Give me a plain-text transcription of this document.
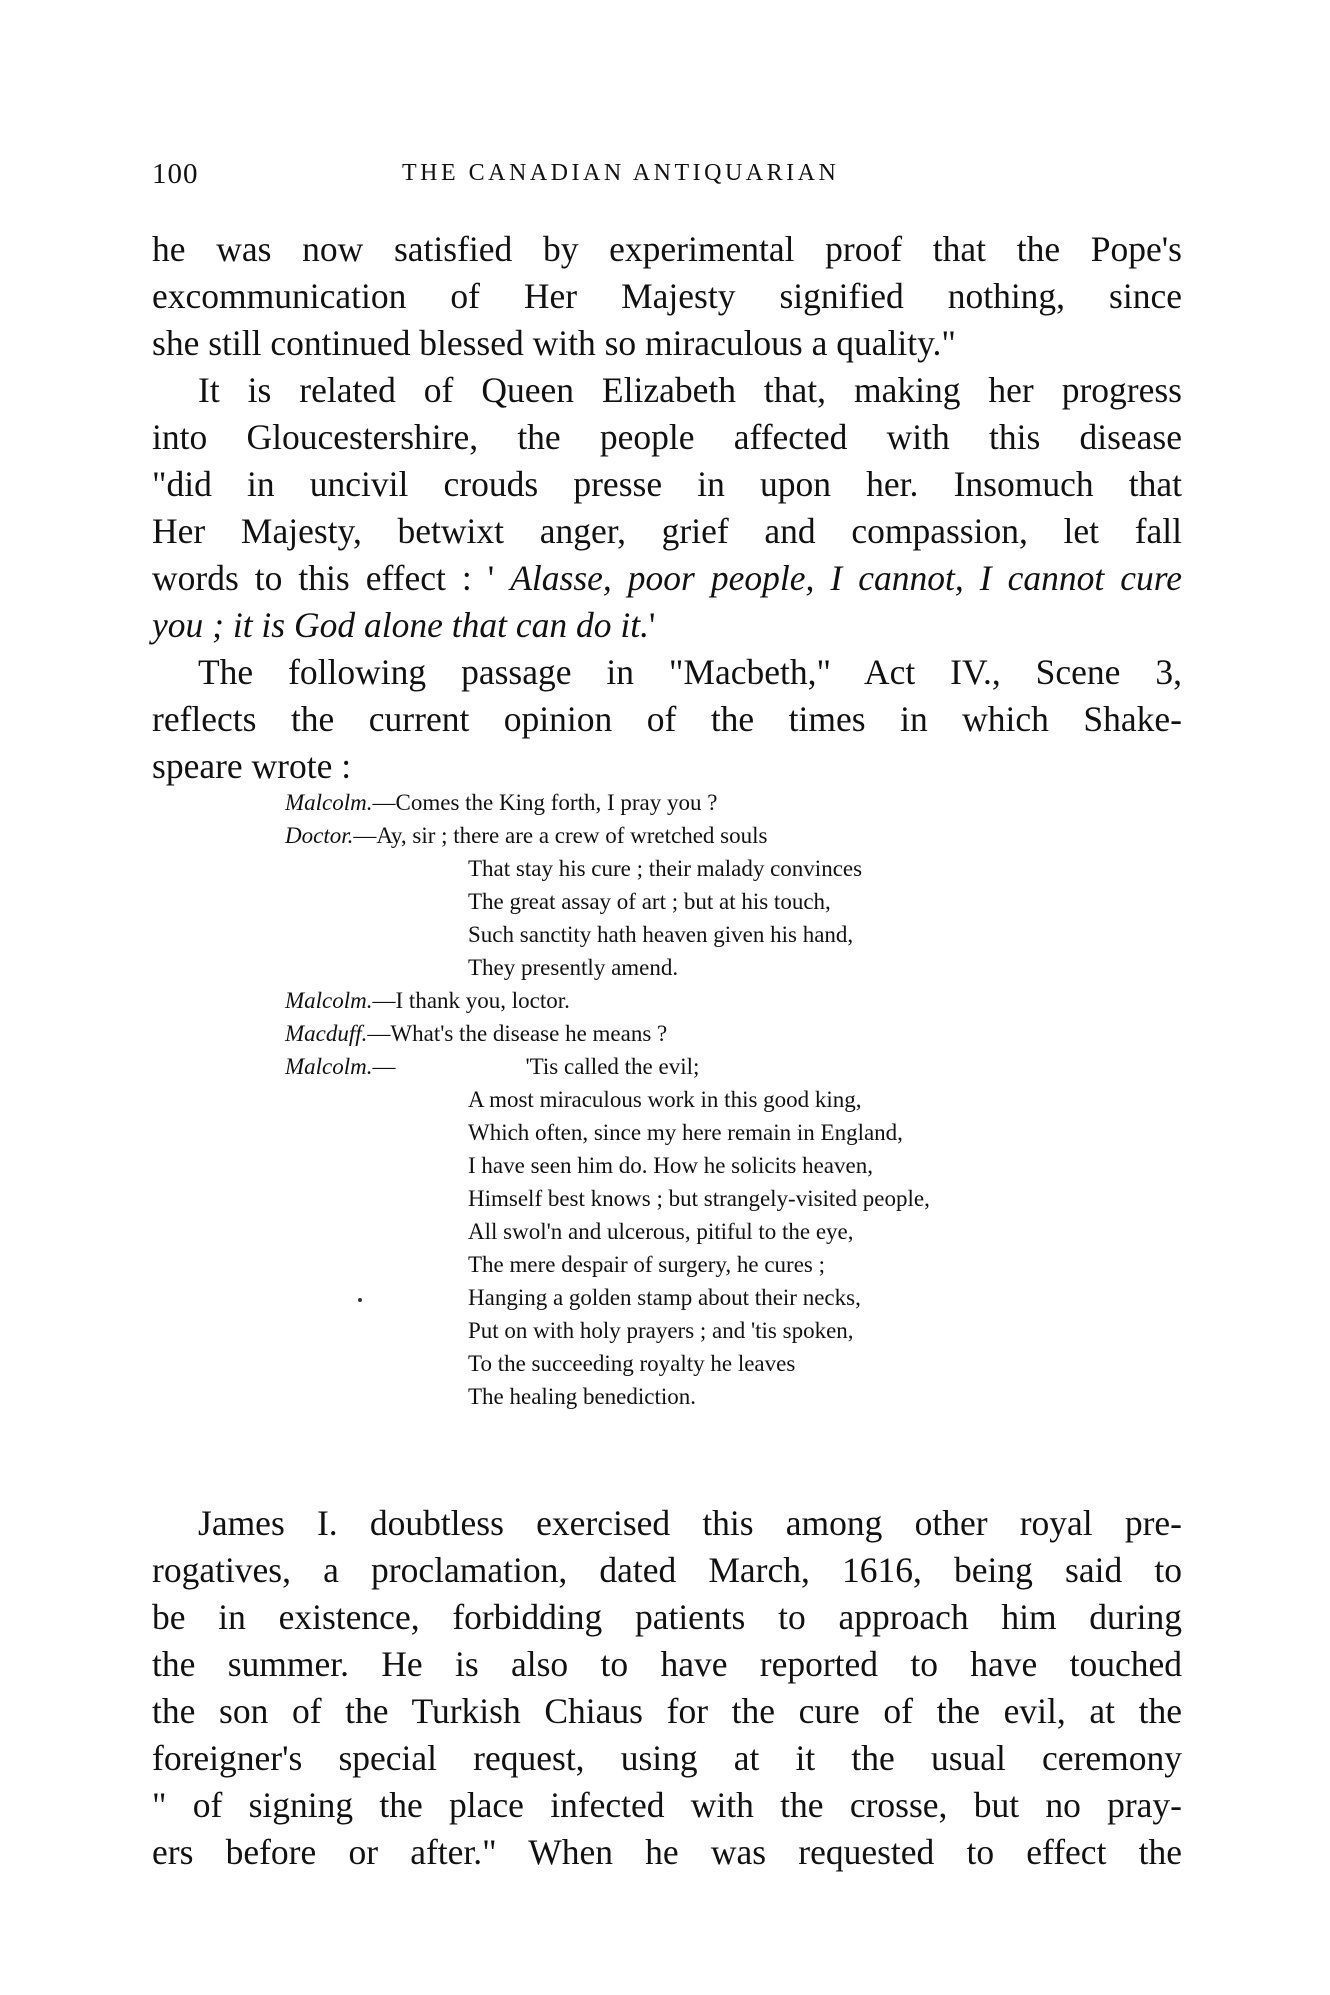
100	THE CANADIAN ANTIQUARIAN
he was now satisfied by experimental proof that the Pope's
excommunication of Her Majesty signified nothing, since
she still continued blessed with so miraculous a quality."
It is related of Queen Elizabeth that, making her progress
into Gloucestershire, the people affected with this disease
"did in uncivil crouds presse in upon her. Insomuch that
Her Majesty, betwixt anger, grief and compassion, let fall
words to this effect : ' Alasse, poor people, I cannot, I cannot cure
you ; it is God alone that can do it.'
The following passage in "Macbeth," Act IV., Scene 3,
reflects the current opinion of the times in which Shake-
speare wrote :
Malcolm.—Comes the King forth, I pray you ?
Doctor.—Ay, sir ; there are a crew of wretched souls
That stay his cure ; their malady convinces
The great assay of art ; but at his touch,
Such sanctity hath heaven given his hand,
They presently amend.
Malcolm.—I thank you, loctor.
Macduff.—What's the disease he means ?
Malcolm.—	'Tis called the evil;
A most miraculous work in this good king,
Which often, since my here remain in England,
I have seen him do. How he solicits heaven,
Himself best knows ; but strangely-visited people,
All swol'n and ulcerous, pitiful to the eye,
The mere despair of surgery, he cures ;
Hanging a golden stamp about their necks,
Put on with holy prayers ; and 'tis spoken,
To the succeeding royalty he leaves
The healing benediction.
James I. doubtless exercised this among other royal pre-
rogatives, a proclamation, dated March, 1616, being said to
be in existence, forbidding patients to approach him during
the summer. He is also to have reported to have touched
the son of the Turkish Chiaus for the cure of the evil, at the
foreigner's special request, using at it the usual ceremony
" of signing the place infected with the crosse, but no pray-
ers before or after." When he was requested to effect the
